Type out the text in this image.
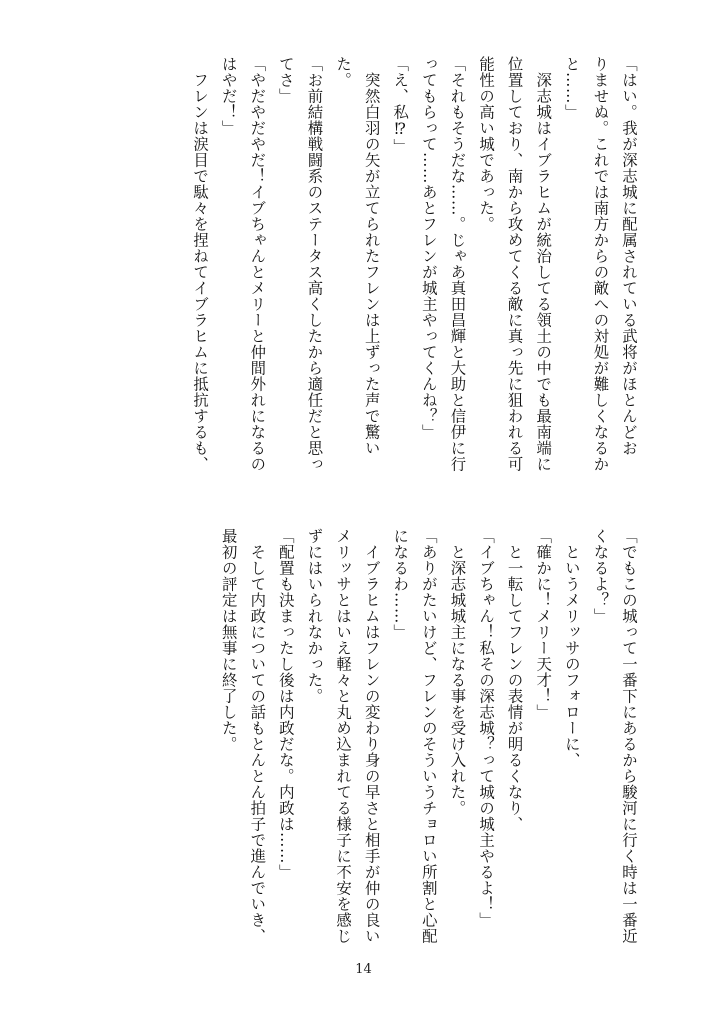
「はい。我が深志城に配属されている武将がほとんどお
りませぬ。これでは南方からの敵への対処が難しくなるか
と……」
　深志城はイブラヒムが統治してる領土の中でも最南端に
位置しており、南から攻めてくる敵に真っ先に狙われる可
能性の高い城であった。
「それもそうだな……。じゃあ真田昌輝と大助と信伊に行
ってもらって……あとフレンが城主やってくんね？」
「え、私⁉」
　突然白羽の矢が立てられたフレンは上ずった声で驚い
た。
「お前結構戦闘系のステータス高くしたから適任だと思っ
てさ」
「やだやだやだ！イブちゃんとメリーと仲間外れになるの
はやだ！」
　フレンは涙目で駄々を捏ねてイブラヒムに抵抗するも、
「でもこの城って一番下にあるから駿河に行く時は一番近
くなるよ？」
　というメリッサのフォローに、
「確かに！メリー天才！」
　と一転してフレンの表情が明るくなり、
「イブちゃん！私その深志城？って城の城主やるよ！」
　と深志城城主になる事を受け入れた。
「ありがたいけど、フレンのそういうチョロい所割と心配
になるわ……」
　イブラヒムはフレンの変わり身の早さと相手が仲の良い
メリッサとはいえ軽々と丸め込まれてる様子に不安を感じ
ずにはいられなかった。
「配置も決まったし後は内政だな。内政は……」
　そして内政についての話もとんとん拍子で進んでいき、
最初の評定は無事に終了した。
14
